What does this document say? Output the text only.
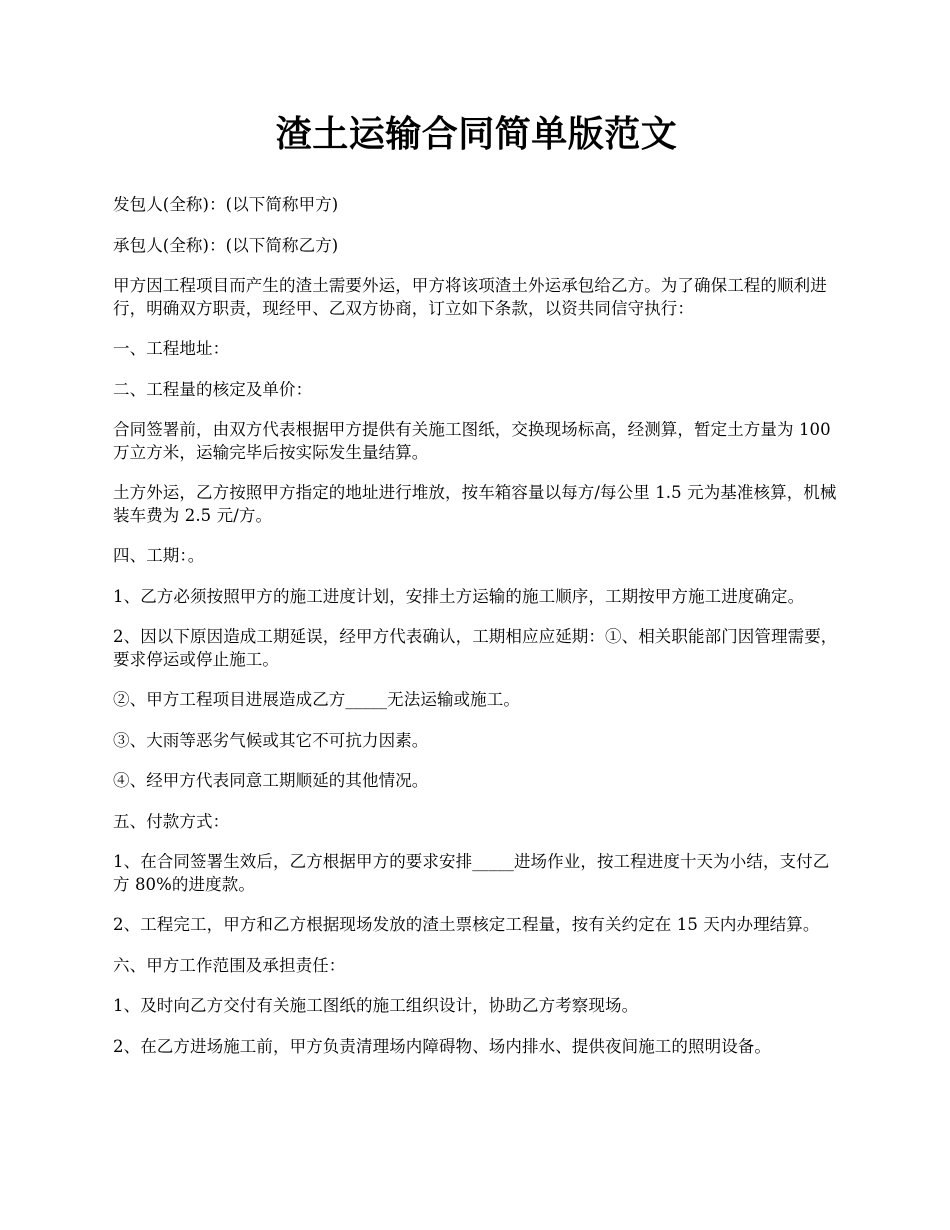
渣土运输合同简单版范文

发包人(全称)：(以下简称甲方)

承包人(全称)：(以下简称乙方)

甲方因工程项目而产生的渣土需要外运，甲方将该项渣土外运承包给乙方。为了确保工程的顺利进行，明确双方职责，现经甲、乙双方协商，订立如下条款，以资共同信守执行：

一、工程地址：

二、工程量的核定及单价：

合同签署前，由双方代表根据甲方提供有关施工图纸，交换现场标高，经测算，暂定土方量为 100 万立方米，运输完毕后按实际发生量结算。

土方外运，乙方按照甲方指定的地址进行堆放，按车箱容量以每方/每公里 1.5 元为基准核算，机械装车费为 2.5 元/方。

四、工期：。

1、乙方必须按照甲方的施工进度计划，安排土方运输的施工顺序，工期按甲方施工进度确定。

2、因以下原因造成工期延误，经甲方代表确认，工期相应应延期：①、相关职能部门因管理需要，要求停运或停止施工。

②、甲方工程项目进展造成乙方_____无法运输或施工。

③、大雨等恶劣气候或其它不可抗力因素。

④、经甲方代表同意工期顺延的其他情况。

五、付款方式：

1、在合同签署生效后，乙方根据甲方的要求安排_____进场作业，按工程进度十天为小结，支付乙方 80%的进度款。

2、工程完工，甲方和乙方根据现场发放的渣土票核定工程量，按有关约定在 15 天内办理结算。

六、甲方工作范围及承担责任：

1、及时向乙方交付有关施工图纸的施工组织设计，协助乙方考察现场。

2、在乙方进场施工前，甲方负责清理场内障碍物、场内排水、提供夜间施工的照明设备。
